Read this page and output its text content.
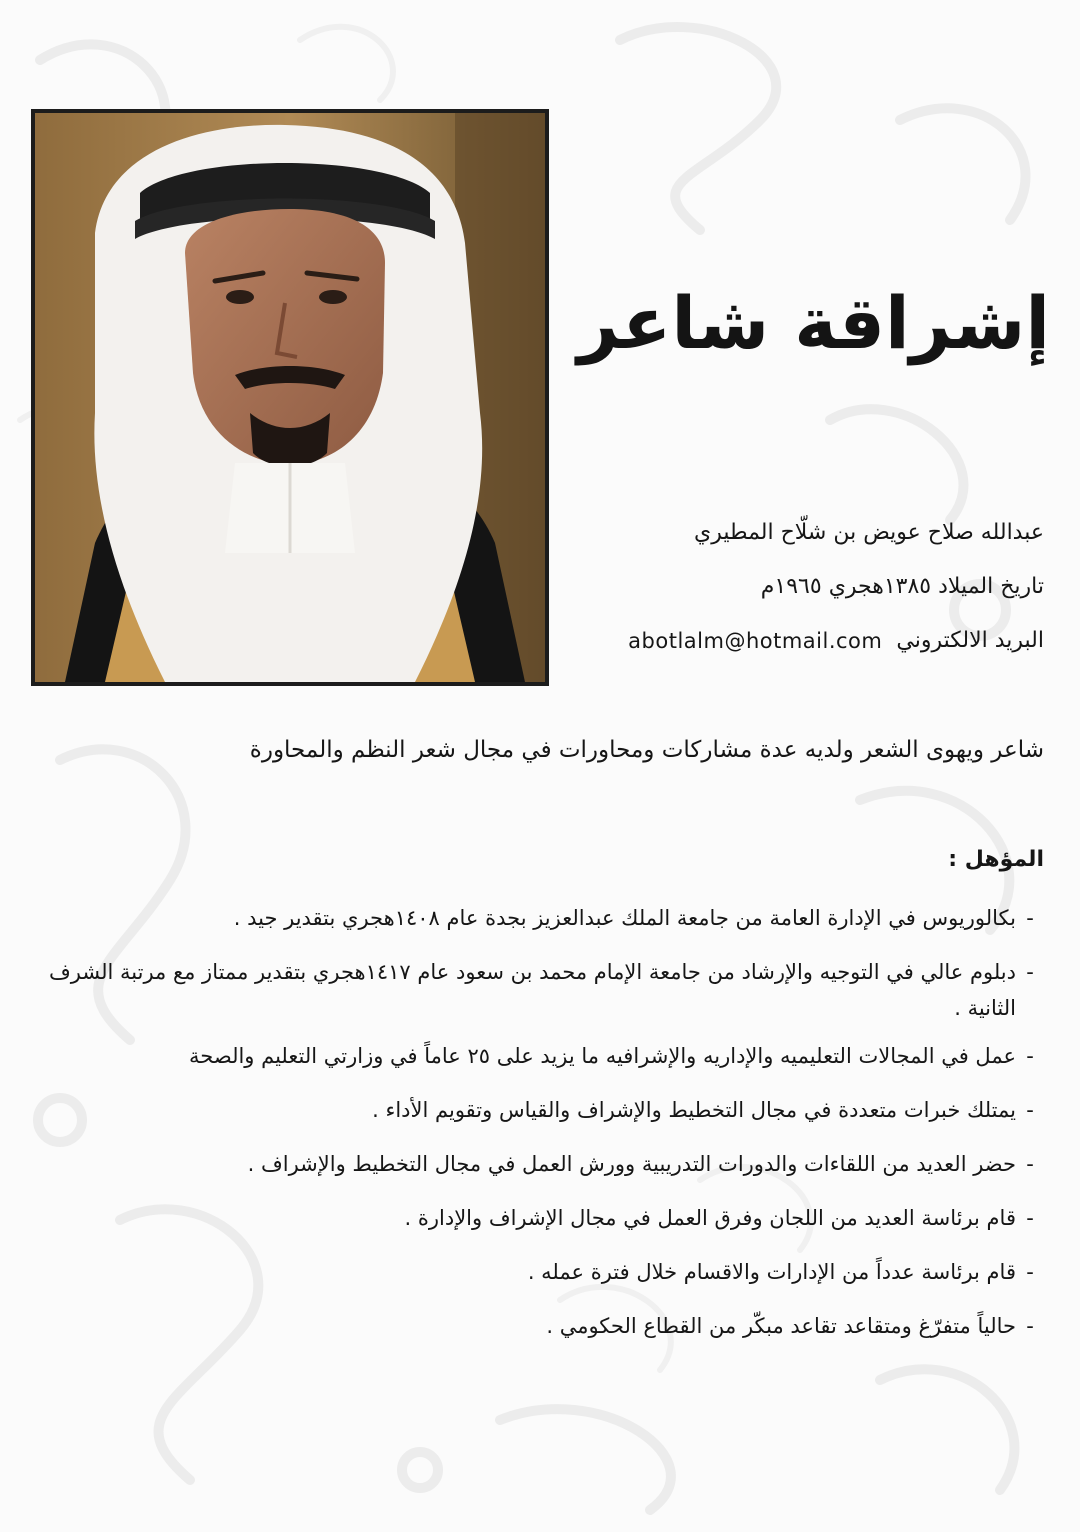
إشراقة شاعر
عبدالله صلاح عويض بن شلّاح المطيري
تاريخ الميلاد ١٣٨٥هجري ١٩٦٥م
البريد الالكتروني
abotlalm@hotmail.com
شاعر ويهوى الشعر ولديه عدة مشاركات ومحاورات في مجال شعر النظم والمحاورة
المؤهل :
-
بكالوريوس في الإدارة العامة من جامعة الملك عبدالعزيز بجدة عام ١٤٠٨هجري بتقدير جيد .
-
دبلوم عالي في التوجيه والإرشاد من جامعة الإمام محمد بن سعود عام ١٤١٧هجري بتقدير ممتاز مع مرتبة الشرف الثانية .
-
عمل في المجالات التعليميه والإداريه والإشرافيه ما يزيد على ٢٥ عاماً في وزارتي التعليم والصحة
-
يمتلك خبرات متعددة في مجال التخطيط والإشراف والقياس وتقويم الأداء .
-
حضر العديد من اللقاءات والدورات التدريبية وورش العمل في مجال التخطيط والإشراف .
-
قام برئاسة العديد من اللجان وفرق العمل في مجال الإشراف والإدارة .
-
قام برئاسة عدداً من الإدارات والاقسام خلال فترة عمله .
-
حالياً متفرّغ ومتقاعد تقاعد مبكّر من القطاع الحكومي .
